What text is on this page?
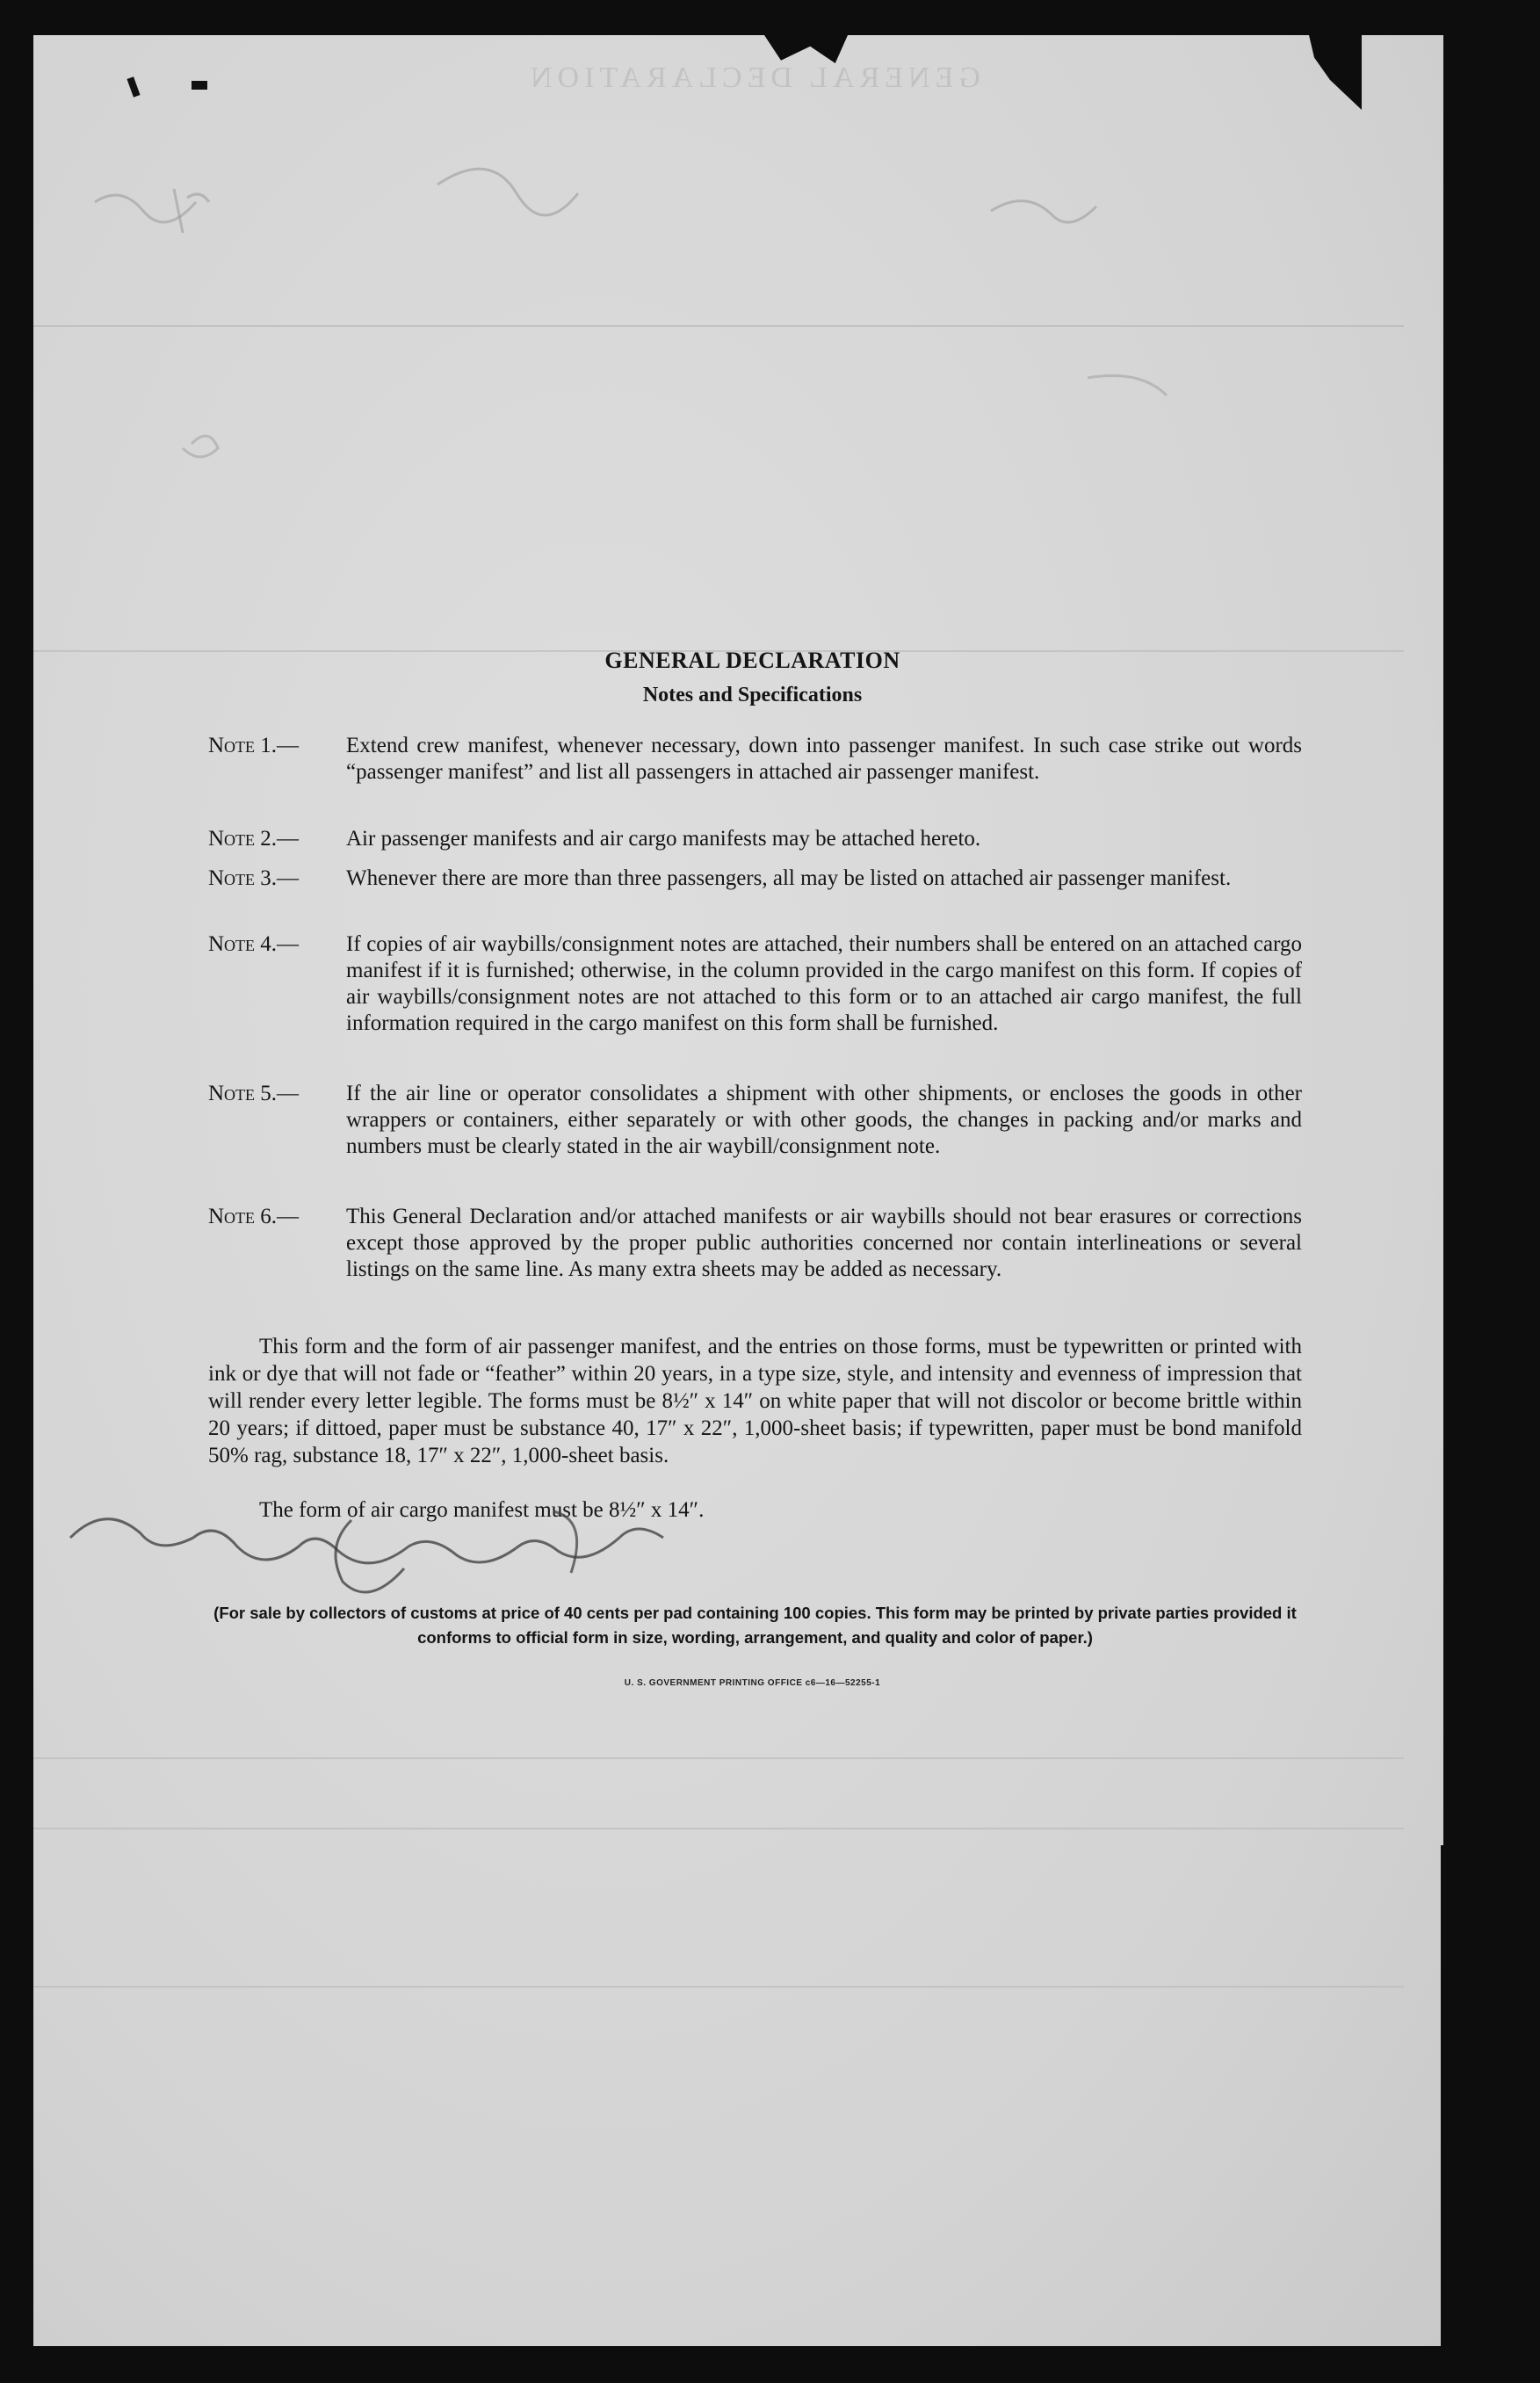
GENERAL DECLARATION
GENERAL DECLARATION
Notes and Specifications
Note 1.— Extend crew manifest, whenever necessary, down into passenger manifest. In such case strike out words “passenger manifest” and list all passengers in attached air passenger manifest.
Note 2.— Air passenger manifests and air cargo manifests may be attached hereto.
Note 3.— Whenever there are more than three passengers, all may be listed on attached air passenger manifest.
Note 4.— If copies of air waybills/consignment notes are attached, their numbers shall be entered on an attached cargo manifest if it is furnished; otherwise, in the column provided in the cargo manifest on this form. If copies of air waybills/consignment notes are not attached to this form or to an attached air cargo manifest, the full information required in the cargo manifest on this form shall be furnished.
Note 5.— If the air line or operator consolidates a shipment with other shipments, or encloses the goods in other wrappers or containers, either separately or with other goods, the changes in packing and/or marks and numbers must be clearly stated in the air waybill/consignment note.
Note 6.— This General Declaration and/or attached manifests or air waybills should not bear erasures or corrections except those approved by the proper public authorities concerned nor contain interlineations or several listings on the same line. As many extra sheets may be added as necessary.
This form and the form of air passenger manifest, and the entries on those forms, must be typewritten or printed with ink or dye that will not fade or “feather” within 20 years, in a type size, style, and intensity and evenness of impression that will render every letter legible. The forms must be 8½″ x 14″ on white paper that will not discolor or become brittle within 20 years; if dittoed, paper must be substance 40, 17″ x 22″, 1,000-sheet basis; if typewritten, paper must be bond manifold 50% rag, substance 18, 17″ x 22″, 1,000-sheet basis.
The form of air cargo manifest must be 8½″ x 14″.
(For sale by collectors of customs at price of 40 cents per pad containing 100 copies. This form may be printed by private parties provided it conforms to official form in size, wording, arrangement, and quality and color of paper.)
U. S. GOVERNMENT PRINTING OFFICE c6—16—52255-1
